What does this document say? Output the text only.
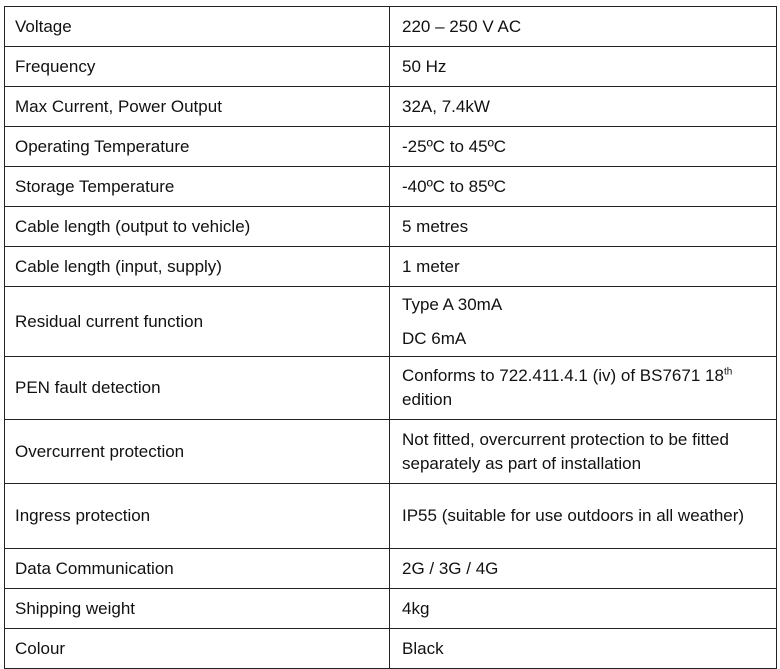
Voltage	220 – 250 V AC
Frequency	50 Hz
Max Current, Power Output	32A, 7.4kW
Operating Temperature	-25ºC to 45ºC
Storage Temperature	-40ºC to 85ºC
Cable length (output to vehicle)	5 metres
Cable length (input, supply)	1 meter
Residual current function	Type A 30mA
DC 6mA

PEN fault detection	Conforms to 722.411.4.1 (iv) of BS7671 18th edition
Overcurrent protection	Not fitted, overcurrent protection to be fitted separately as part of installation
Ingress protection	IP55 (suitable for use outdoors in all weather)
Data Communication	2G / 3G / 4G
Shipping weight	4kg
Colour	Black
